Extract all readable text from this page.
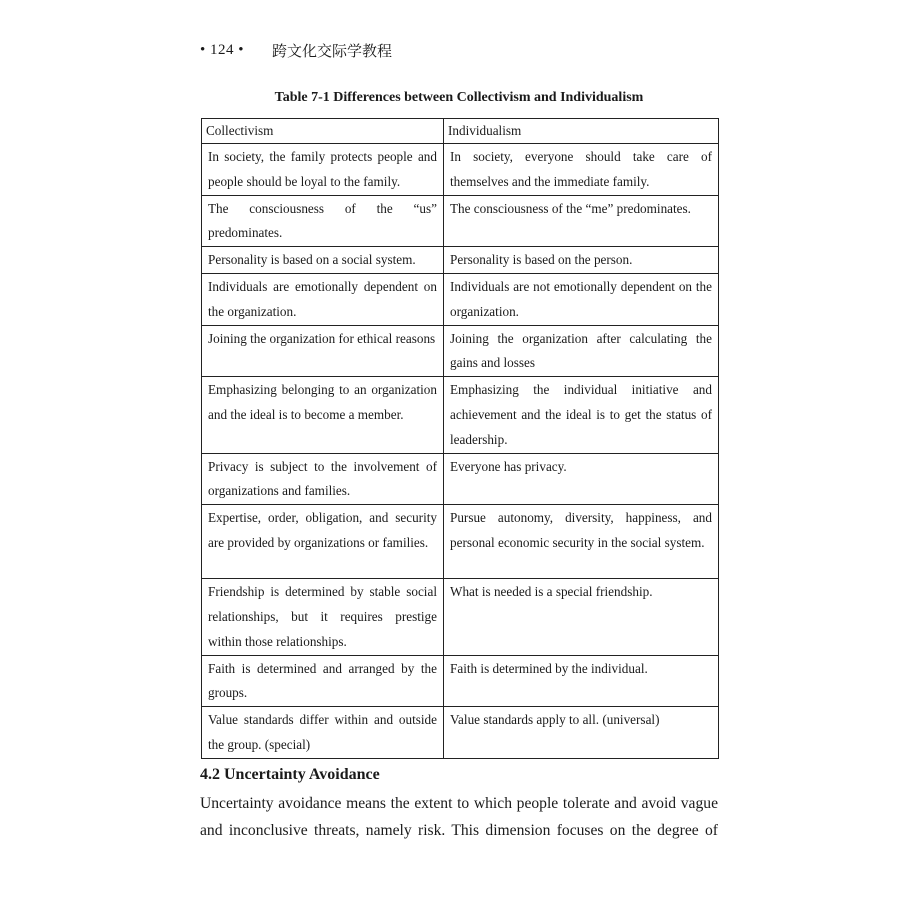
• 124 • 跨文化交际学教程
Table 7-1 Differences between Collectivism and Individualism
Collectivism	Individualism
In society, the family protects people and people should be loyal to the family.	In society, everyone should take care of themselves and the immediate family.
The consciousness of the “us” predominates.	The consciousness of the “me” predominates.
Personality is based on a social system.	Personality is based on the person.
Individuals are emotionally dependent on the organization.	Individuals are not emotionally dependent on the organization.
Joining the organization for ethical reasons	Joining the organization after calculating the gains and losses
Emphasizing belonging to an organization and the ideal is to become a member.	Emphasizing the individual initiative and achievement and the ideal is to get the status of leadership.
Privacy is subject to the involvement of organizations and families.	Everyone has privacy.
Expertise, order, obligation, and security are provided by organizations or families.	Pursue autonomy, diversity, happiness, and personal economic security in the social system.
Friendship is determined by stable social relationships, but it requires prestige within those relationships.	What is needed is a special friendship.
Faith is determined and arranged by the groups.	Faith is determined by the individual.
Value standards differ within and outside the group. (special)	Value standards apply to all. (universal)
4.2 Uncertainty Avoidance

Uncertainty avoidance means the extent to which people tolerate and avoid vague and inconclusive threats, namely risk. This dimension focuses on the degree of
